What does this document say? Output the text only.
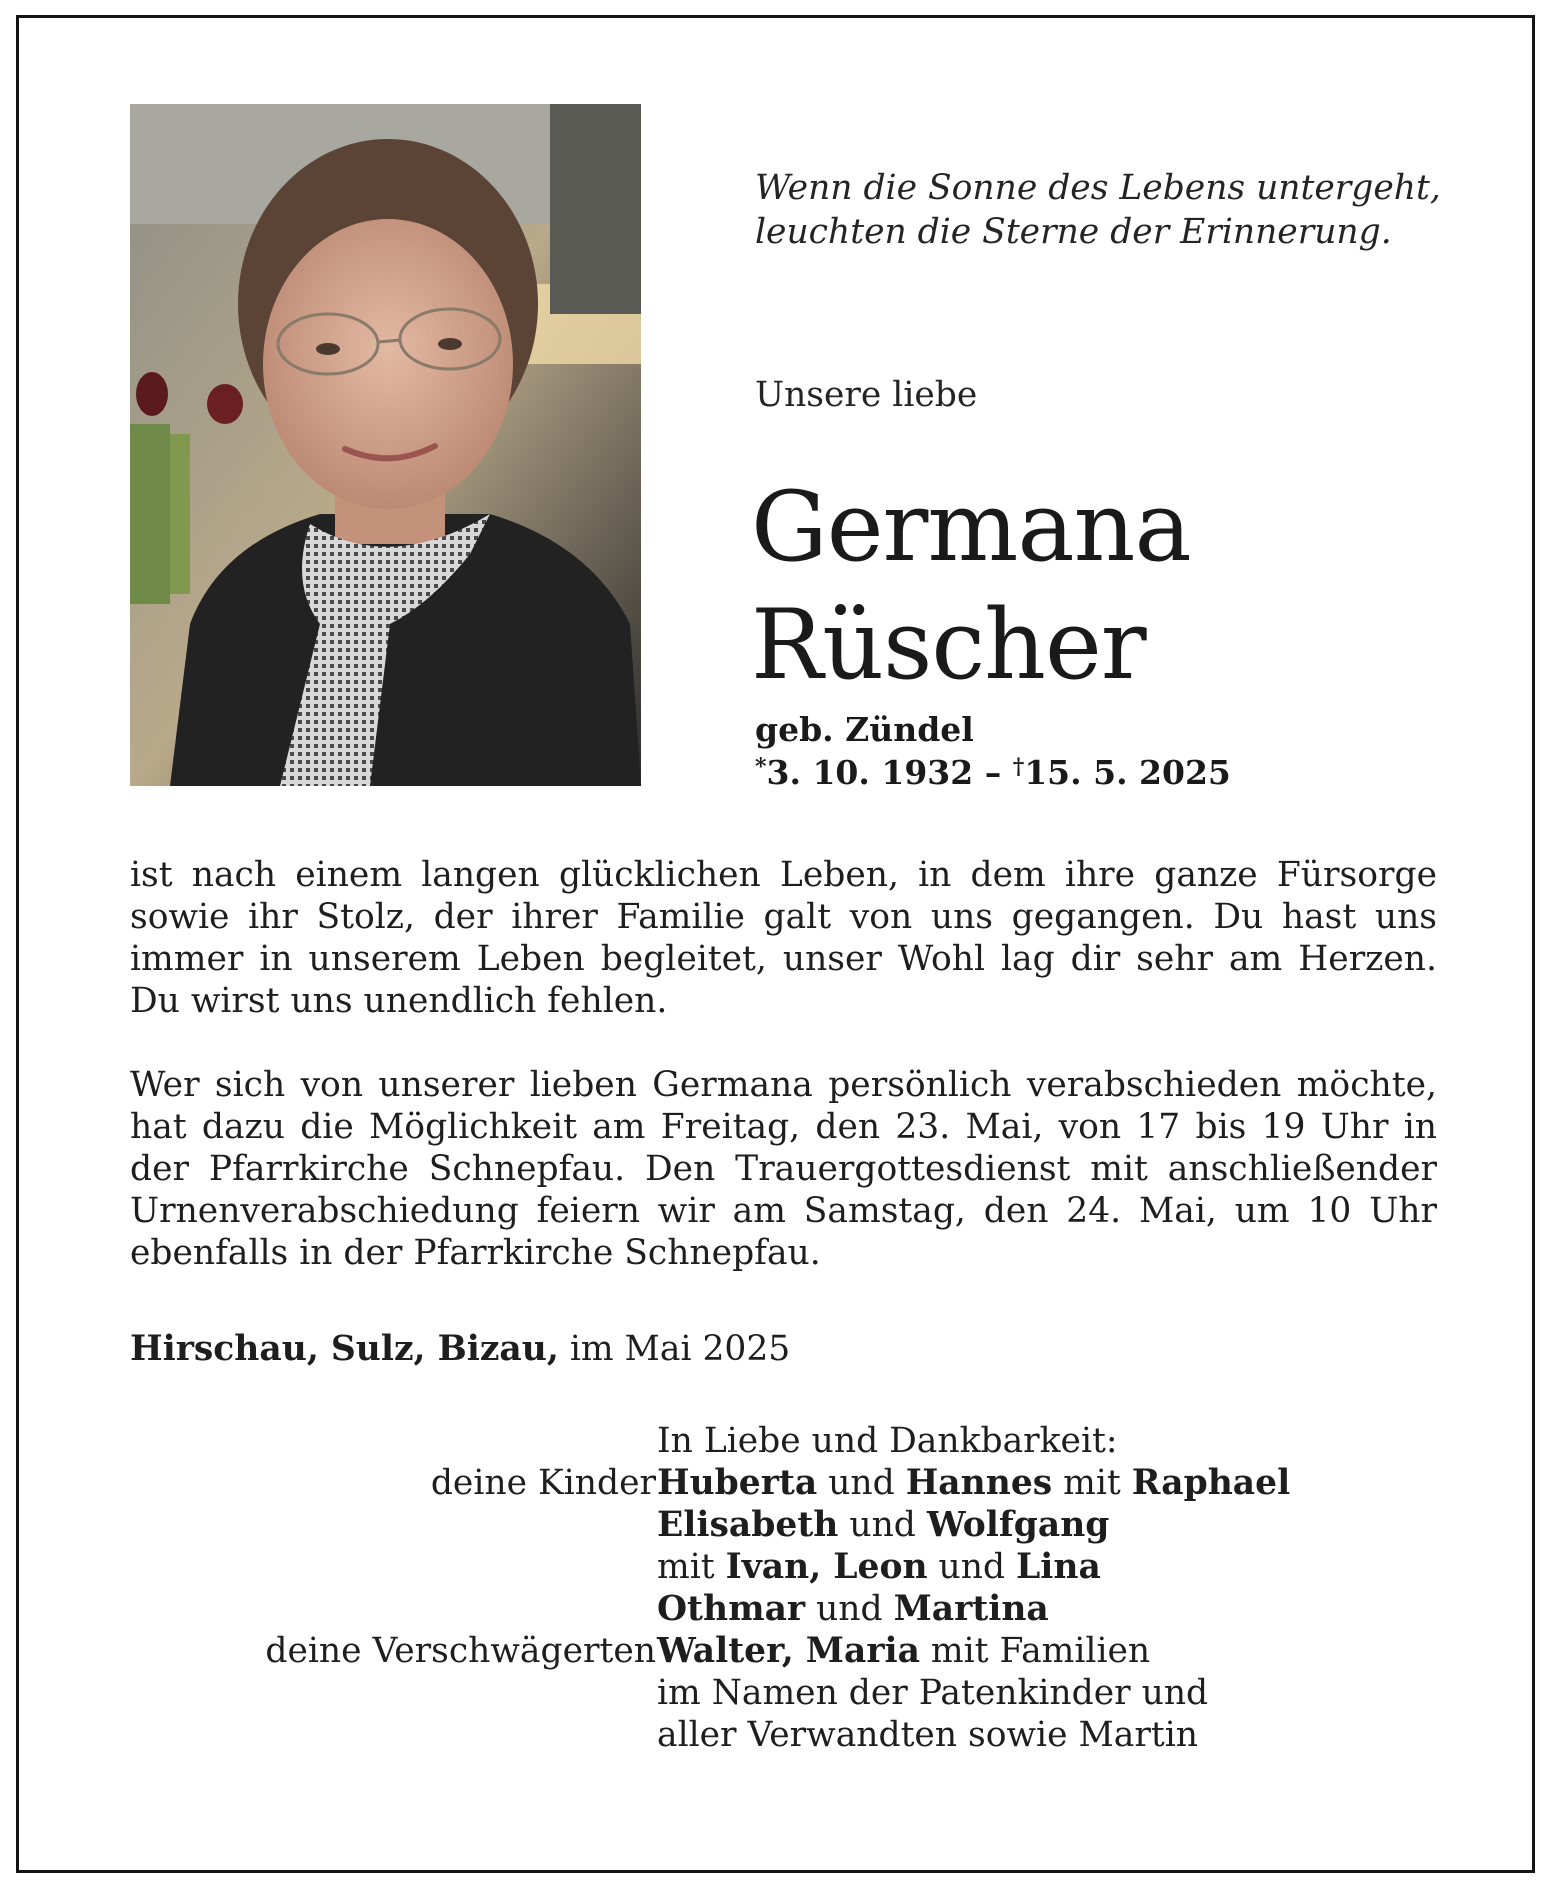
Wenn die Sonne des Lebens untergeht,
leuchten die Sterne der Erinnerung.
Unsere liebe
Germana
Rüscher
geb. Zündel
*3. 10. 1932 – †15. 5. 2025
ist nach einem langen glücklichen Leben, in dem ihre ganze Fürsorge sowie ihr Stolz, der ihrer Familie galt von uns gegangen. Du hast uns immer in unserem Leben begleitet, unser Wohl lag dir sehr am Herzen. Du wirst uns unendlich fehlen.
Wer sich von unserer lieben Germana persönlich verabschieden möchte, hat dazu die Möglichkeit am Freitag, den 23. Mai, von 17 bis 19 Uhr in der Pfarrkirche Schnepfau. Den Trauergottesdienst mit anschließender Urnenverabschiedung feiern wir am Samstag, den 24. Mai, um 10 Uhr ebenfalls in der Pfarrkirche Schnepfau.
Hirschau, Sulz, Bizau, im Mai 2025
In Liebe und Dankbarkeit:
deine Kinder Huberta und Hannes mit Raphael
Elisabeth und Wolfgang
mit Ivan, Leon und Lina
Othmar und Martina
deine Verschwägerten Walter, Maria mit Familien
im Namen der Patenkinder und
aller Verwandten sowie Martin
